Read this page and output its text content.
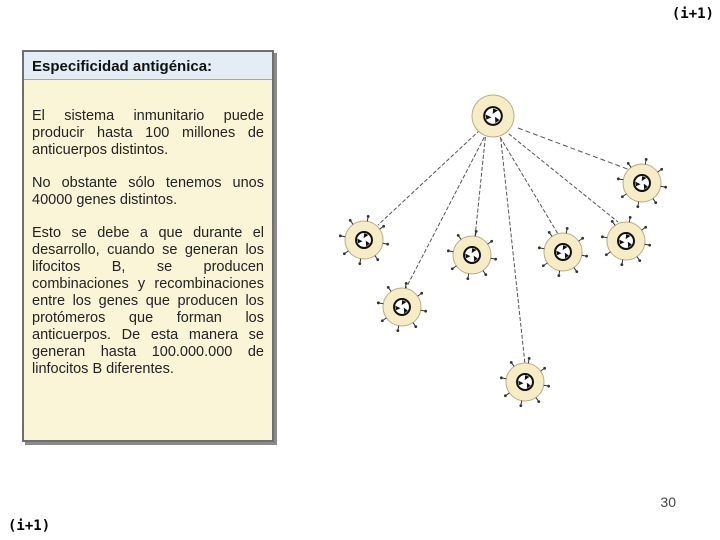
(i+1)
Especificidad antigénica:

El sistema inmunitario puede producir hasta 100 millones de anticuerpos distintos.

No obstante sólo tenemos unos 40000 genes distintos.

Esto se debe a que durante el desarrollo, cuando se generan los lifocitos B, se producen combinaciones y recombinaciones entre los genes que producen los protómeros que forman los anticuerpos. De esta manera se generan hasta 100.000.000 de linfocitos B diferentes.

30
(i+1)
